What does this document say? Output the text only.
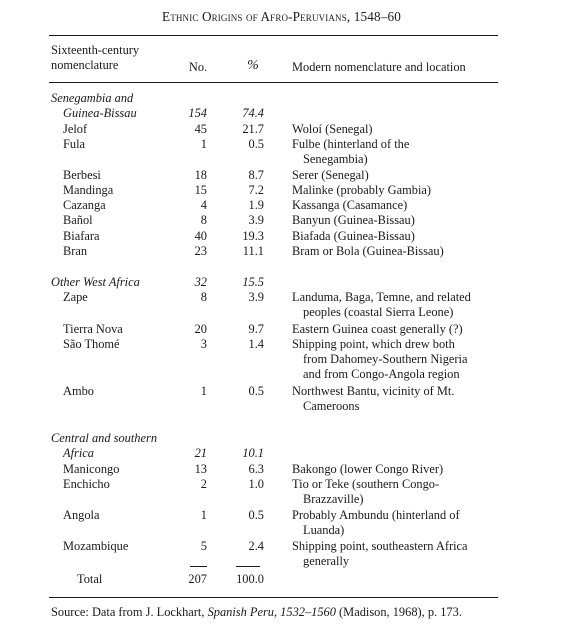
Ethnic Origins of Afro-Peruvians, 1548–60
Sixteenth-century
nomenclature	No.	%	Modern nomenclature and location
Senegambia and
Guinea-Bissau	154	74.4
Jelof	45	21.7 Woloí (Senegal)
Fula	1	0.5 Fulbe (hinterland of the
Senegambia)
Berbesi	18	8.7 Serer (Senegal)
Mandinga	15	7.2 Malinke (probably Gambia)
Cazanga	4	1.9 Kassanga (Casamance)
Bañol	8	3.9 Banyun (Guinea-Bissau)
Biafara	40	19.3 Biafada (Guinea-Bissau)
Bran	23	11.1 Bram or Bola (Guinea-Bissau)
Other West Africa	32	15.5
Zape	8	3.9 Landuma, Baga, Temne, and related
peoples (coastal Sierra Leone)
Tierra Nova	20	9.7 Eastern Guinea coast generally (?)
São Thomé	3	1.4 Shipping point, which drew both
from Dahomey-Southern Nigeria
and from Congo-Angola region
Ambo	1	0.5 Northwest Bantu, vicinity of Mt.
Cameroons
Central and southern
Africa	21	10.1
Manicongo	13	6.3 Bakongo (lower Congo River)
Enchicho	2	1.0 Tio or Teke (southern Congo-
Brazzaville)
Angola	1	0.5 Probably Ambundu (hinterland of
Luanda)
Mozambique	5	2.4 Shipping point, southeastern Africa
generally
Total	207	100.0
Source: Data from J. Lockhart, Spanish Peru, 1532–1560 (Madison, 1968), p. 173.
